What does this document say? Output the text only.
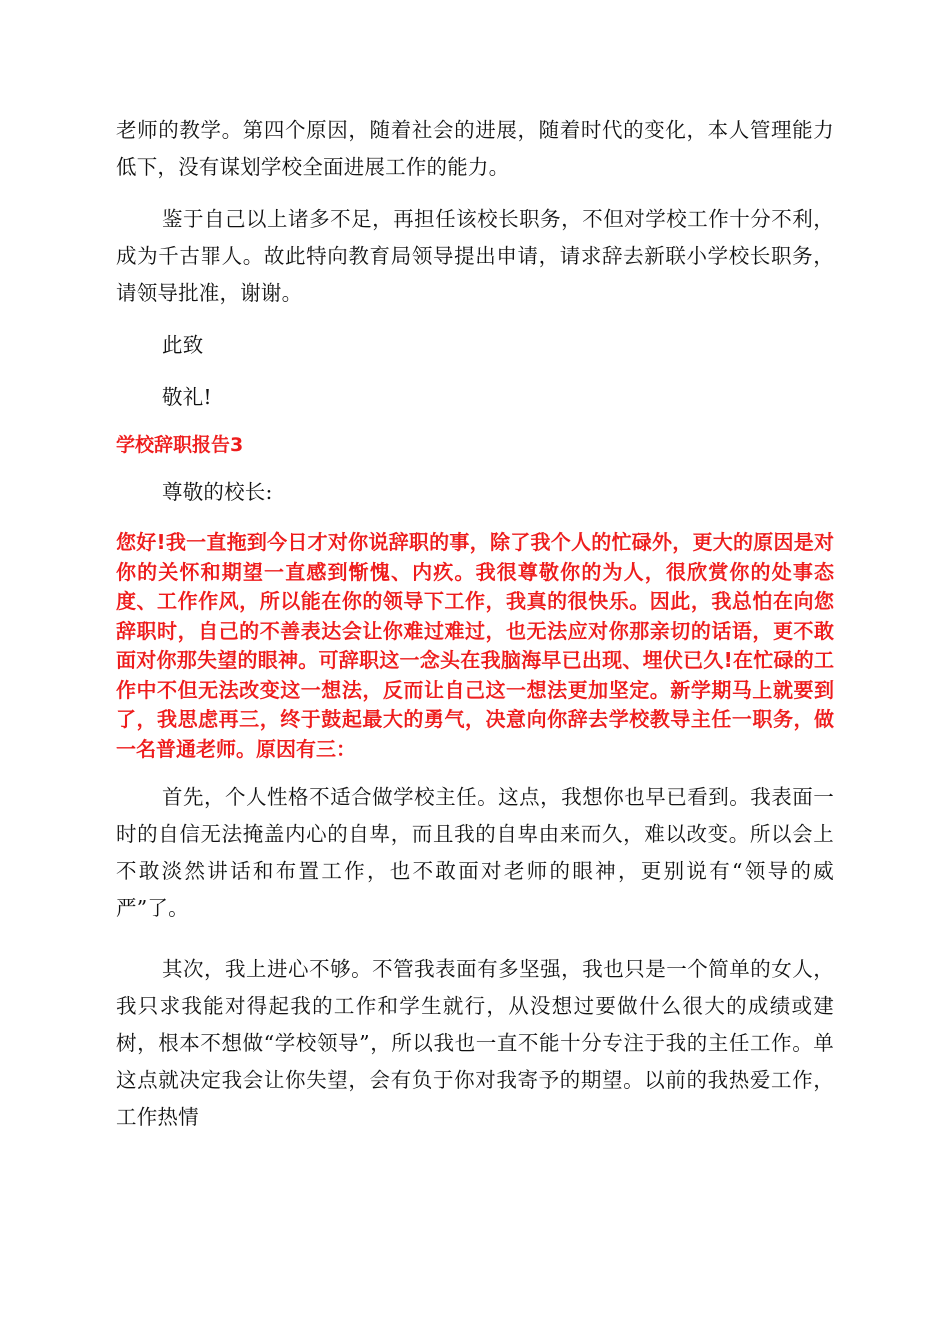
老师的教学。第四个原因，随着社会的进展，随着时代的变化，本人管理能力低下，没有谋划学校全面进展工作的能力。

鉴于自己以上诸多不足，再担任该校长职务，不但对学校工作十分不利，成为千古罪人。故此特向教育局领导提出申请，请求辞去新联小学校长职务，请领导批准，谢谢。

此致

敬礼!

学校辞职报告3

尊敬的校长:

您好!我一直拖到今日才对你说辞职的事，除了我个人的忙碌外，更大的原因是对你的关怀和期望一直感到惭愧、内疚。我很尊敬你的为人，很欣赏你的处事态度、工作作风，所以能在你的领导下工作，我真的很快乐。因此，我总怕在向您辞职时，自己的不善表达会让你难过难过，也无法应对你那亲切的话语，更不敢面对你那失望的眼神。可辞职这一念头在我脑海早已出现、埋伏已久!在忙碌的工作中不但无法改变这一想法，反而让自己这一想法更加坚定。新学期马上就要到了，我思虑再三，终于鼓起最大的勇气，决意向你辞去学校教导主任一职务，做一名普通老师。原因有三：

首先，个人性格不适合做学校主任。这点，我想你也早已看到。我表面一时的自信无法掩盖内心的自卑，而且我的自卑由来而久，难以改变。所以会上不敢淡然讲话和布置工作，也不敢面对老师的眼神，更别说有“领导的威严”了。

其次，我上进心不够。不管我表面有多坚强，我也只是一个简单的女人，我只求我能对得起我的工作和学生就行，从没想过要做什么很大的成绩或建树，根本不想做“学校领导”，所以我也一直不能十分专注于我的主任工作。单这点就决定我会让你失望，会有负于你对我寄予的期望。以前的我热爱工作，工作热情
